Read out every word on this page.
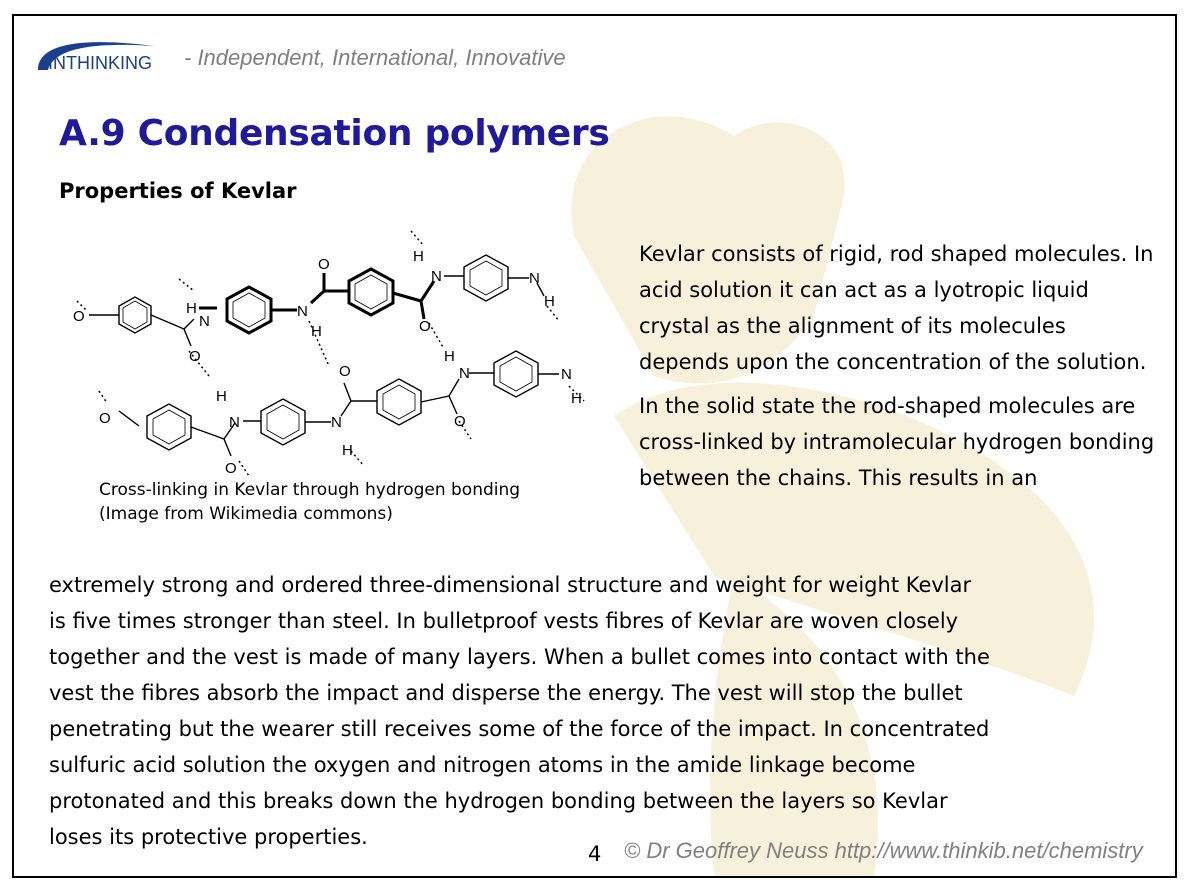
INTHINKING - Independent, International, Innovative
A.9 Condensation polymers
Properties of Kevlar
H
N
O
N
H
O
O
H
N	N
H
O
H
N
O
N
H
O
O
H
N	N
H
O
Cross-linking in Kevlar through hydrogen bonding
(Image from Wikimedia commons)

Kevlar consists of rigid, rod shaped molecules. In acid solution it can act as a lyotropic liquid crystal as the alignment of its molecules depends upon the concentration of the solution.

In the solid state the rod-shaped molecules are cross-linked by intramolecular hydrogen bonding between the chains. This results in an

extremely strong and ordered three-dimensional structure and weight for weight Kevlar
is five times stronger than steel. In bulletproof vests fibres of Kevlar are woven closely
together and the vest is made of many layers. When a bullet comes into contact with the
vest the fibres absorb the impact and disperse the energy. The vest will stop the bullet
penetrating but the wearer still receives some of the force of the impact. In concentrated
sulfuric acid solution the oxygen and nitrogen atoms in the amide linkage become
protonated and this breaks down the hydrogen bonding between the layers so Kevlar
loses its protective properties.
4 © Dr Geoffrey Neuss http://www.thinkib.net/chemistry
